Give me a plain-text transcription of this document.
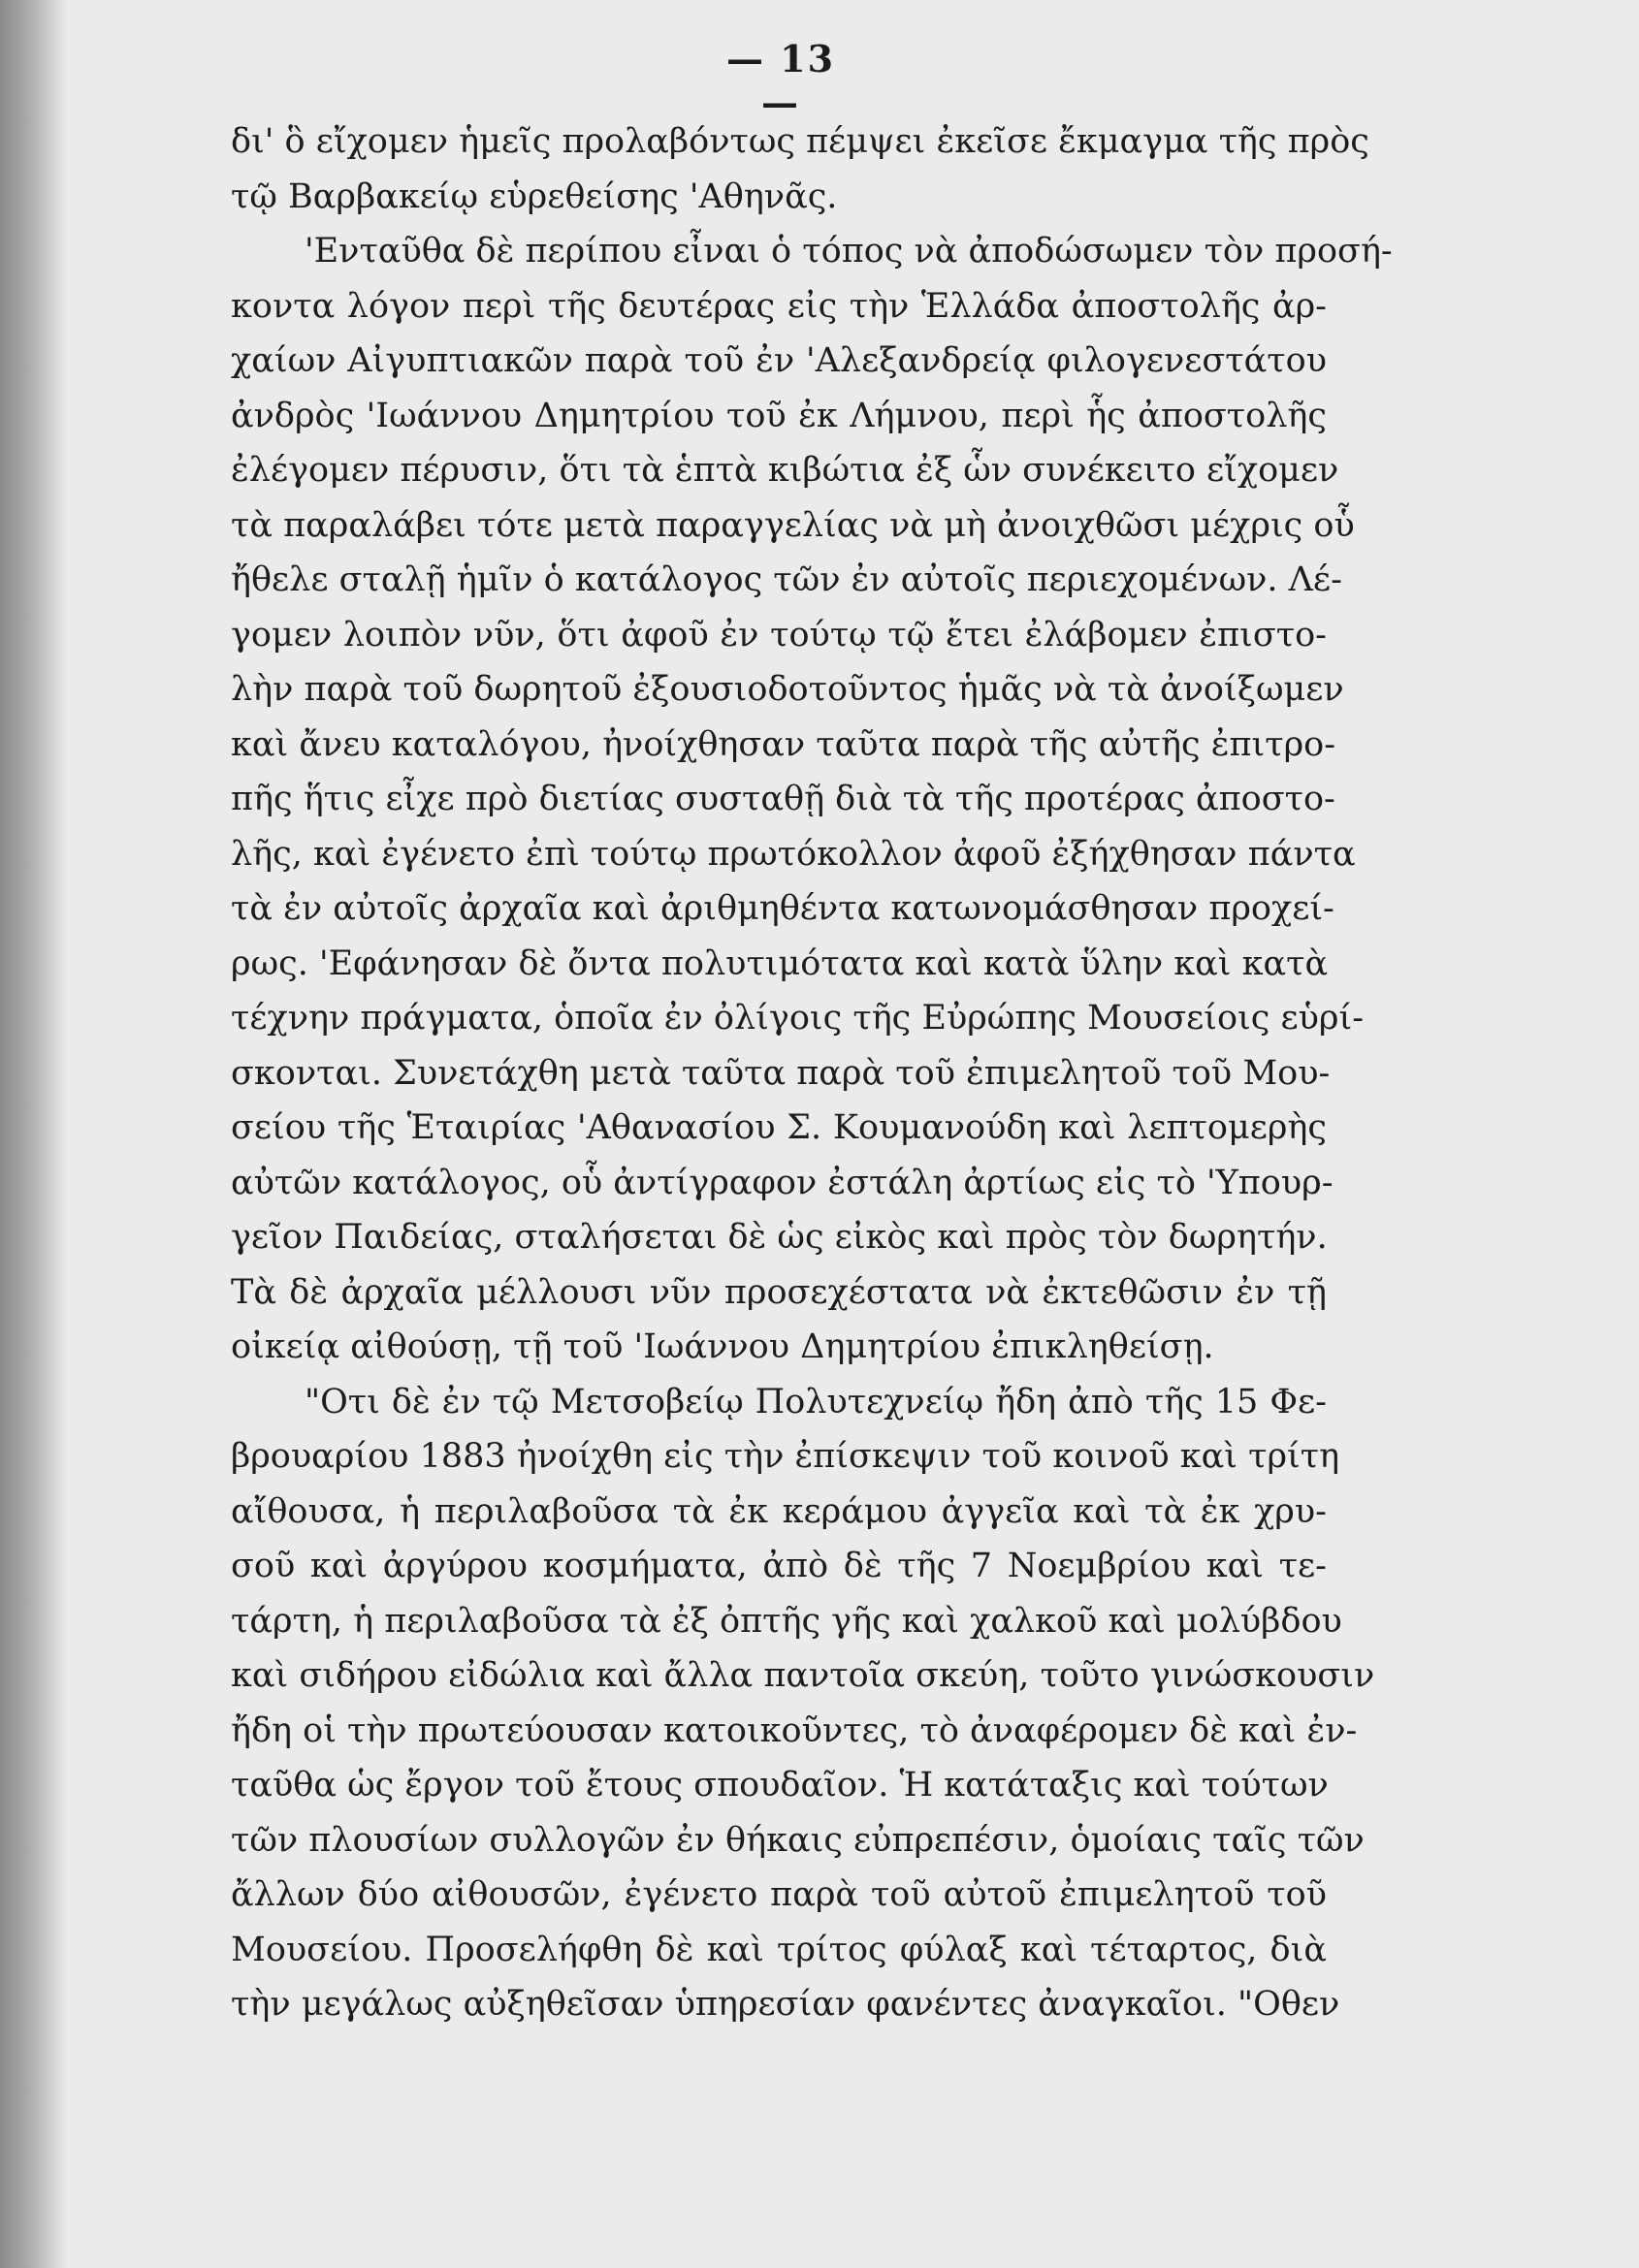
— 13 —
δι' ὃ εἴχομεν ἡμεῖς προλαβόντως πέμψει ἐκεῖσε ἔκμαγμα τῆς πρὸς
τῷ Βαρβακείῳ εὑρεθείσης 'Αθηνᾶς.
'Ενταῦθα δὲ περίπου εἶναι ὁ τόπος νὰ ἀποδώσωμεν τὸν προσή-
κοντα λόγον περὶ τῆς δευτέρας εἰς τὴν Ἑλλάδα ἀποστολῆς ἀρ-
χαίων Αἰγυπτιακῶν παρὰ τοῦ ἐν 'Αλεξανδρείᾳ φιλογενεστάτου
ἀνδρὸς 'Ιωάννου Δημητρίου τοῦ ἐκ Λήμνου, περὶ ἧς ἀποστολῆς
ἐλέγομεν πέρυσιν, ὅτι τὰ ἑπτὰ κιβώτια ἐξ ὧν συνέκειτο εἴχομεν
τὰ παραλάβει τότε μετὰ παραγγελίας νὰ μὴ ἀνοιχθῶσι μέχρις οὗ
ἤθελε σταλῇ ἡμῖν ὁ κατάλογος τῶν ἐν αὐτοῖς περιεχομένων. Λέ-
γομεν λοιπὸν νῦν, ὅτι ἀφοῦ ἐν τούτῳ τῷ ἔτει ἐλάβομεν ἐπιστο-
λὴν παρὰ τοῦ δωρητοῦ ἐξουσιοδοτοῦντος ἡμᾶς νὰ τὰ ἀνοίξωμεν
καὶ ἄνευ καταλόγου, ἠνοίχθησαν ταῦτα παρὰ τῆς αὐτῆς ἐπιτρο-
πῆς ἥτις εἶχε πρὸ διετίας συσταθῇ διὰ τὰ τῆς προτέρας ἀποστο-
λῆς, καὶ ἐγένετο ἐπὶ τούτῳ πρωτόκολλον ἀφοῦ ἐξήχθησαν πάντα
τὰ ἐν αὐτοῖς ἀρχαῖα καὶ ἀριθμηθέντα κατωνομάσθησαν προχεί-
ρως. 'Εφάνησαν δὲ ὄντα πολυτιμότατα καὶ κατὰ ὕλην καὶ κατὰ
τέχνην πράγματα, ὁποῖα ἐν ὀλίγοις τῆς Εὐρώπης Μουσείοις εὑρί-
σκονται. Συνετάχθη μετὰ ταῦτα παρὰ τοῦ ἐπιμελητοῦ τοῦ Μου-
σείου τῆς Ἑταιρίας 'Αθανασίου Σ. Κουμανούδη καὶ λεπτομερὴς
αὐτῶν κατάλογος, οὗ ἀντίγραφον ἐστάλη ἀρτίως εἰς τὸ 'Υπουρ-
γεῖον Παιδείας, σταλήσεται δὲ ὡς εἰκὸς καὶ πρὸς τὸν δωρητήν.
Τὰ δὲ ἀρχαῖα μέλλουσι νῦν προσεχέστατα νὰ ἐκτεθῶσιν ἐν τῇ
οἰκείᾳ αἰθούσῃ, τῇ τοῦ 'Ιωάννου Δημητρίου ἐπικληθείσῃ.
"Οτι δὲ ἐν τῷ Μετσοβείῳ Πολυτεχνείῳ ἤδη ἀπὸ τῆς 15 Φε-
βρουαρίου 1883 ἠνοίχθη εἰς τὴν ἐπίσκεψιν τοῦ κοινοῦ καὶ τρίτη
αἴθουσα, ἡ περιλαβοῦσα τὰ ἐκ κεράμου ἀγγεῖα καὶ τὰ ἐκ χρυ-
σοῦ καὶ ἀργύρου κοσμήματα, ἀπὸ δὲ τῆς 7 Νοεμβρίου καὶ τε-
τάρτη, ἡ περιλαβοῦσα τὰ ἐξ ὀπτῆς γῆς καὶ χαλκοῦ καὶ μολύβδου
καὶ σιδήρου εἰδώλια καὶ ἄλλα παντοῖα σκεύη, τοῦτο γινώσκουσιν
ἤδη οἱ τὴν πρωτεύουσαν κατοικοῦντες, τὸ ἀναφέρομεν δὲ καὶ ἐν-
ταῦθα ὡς ἔργον τοῦ ἔτους σπουδαῖον. Ἡ κατάταξις καὶ τούτων
τῶν πλουσίων συλλογῶν ἐν θήκαις εὐπρεπέσιν, ὁμοίαις ταῖς τῶν
ἄλλων δύο αἰθουσῶν, ἐγένετο παρὰ τοῦ αὐτοῦ ἐπιμελητοῦ τοῦ
Μουσείου. Προσελήφθη δὲ καὶ τρίτος φύλαξ καὶ τέταρτος, διὰ
τὴν μεγάλως αὐξηθεῖσαν ὑπηρεσίαν φανέντες ἀναγκαῖοι. "Οθεν
